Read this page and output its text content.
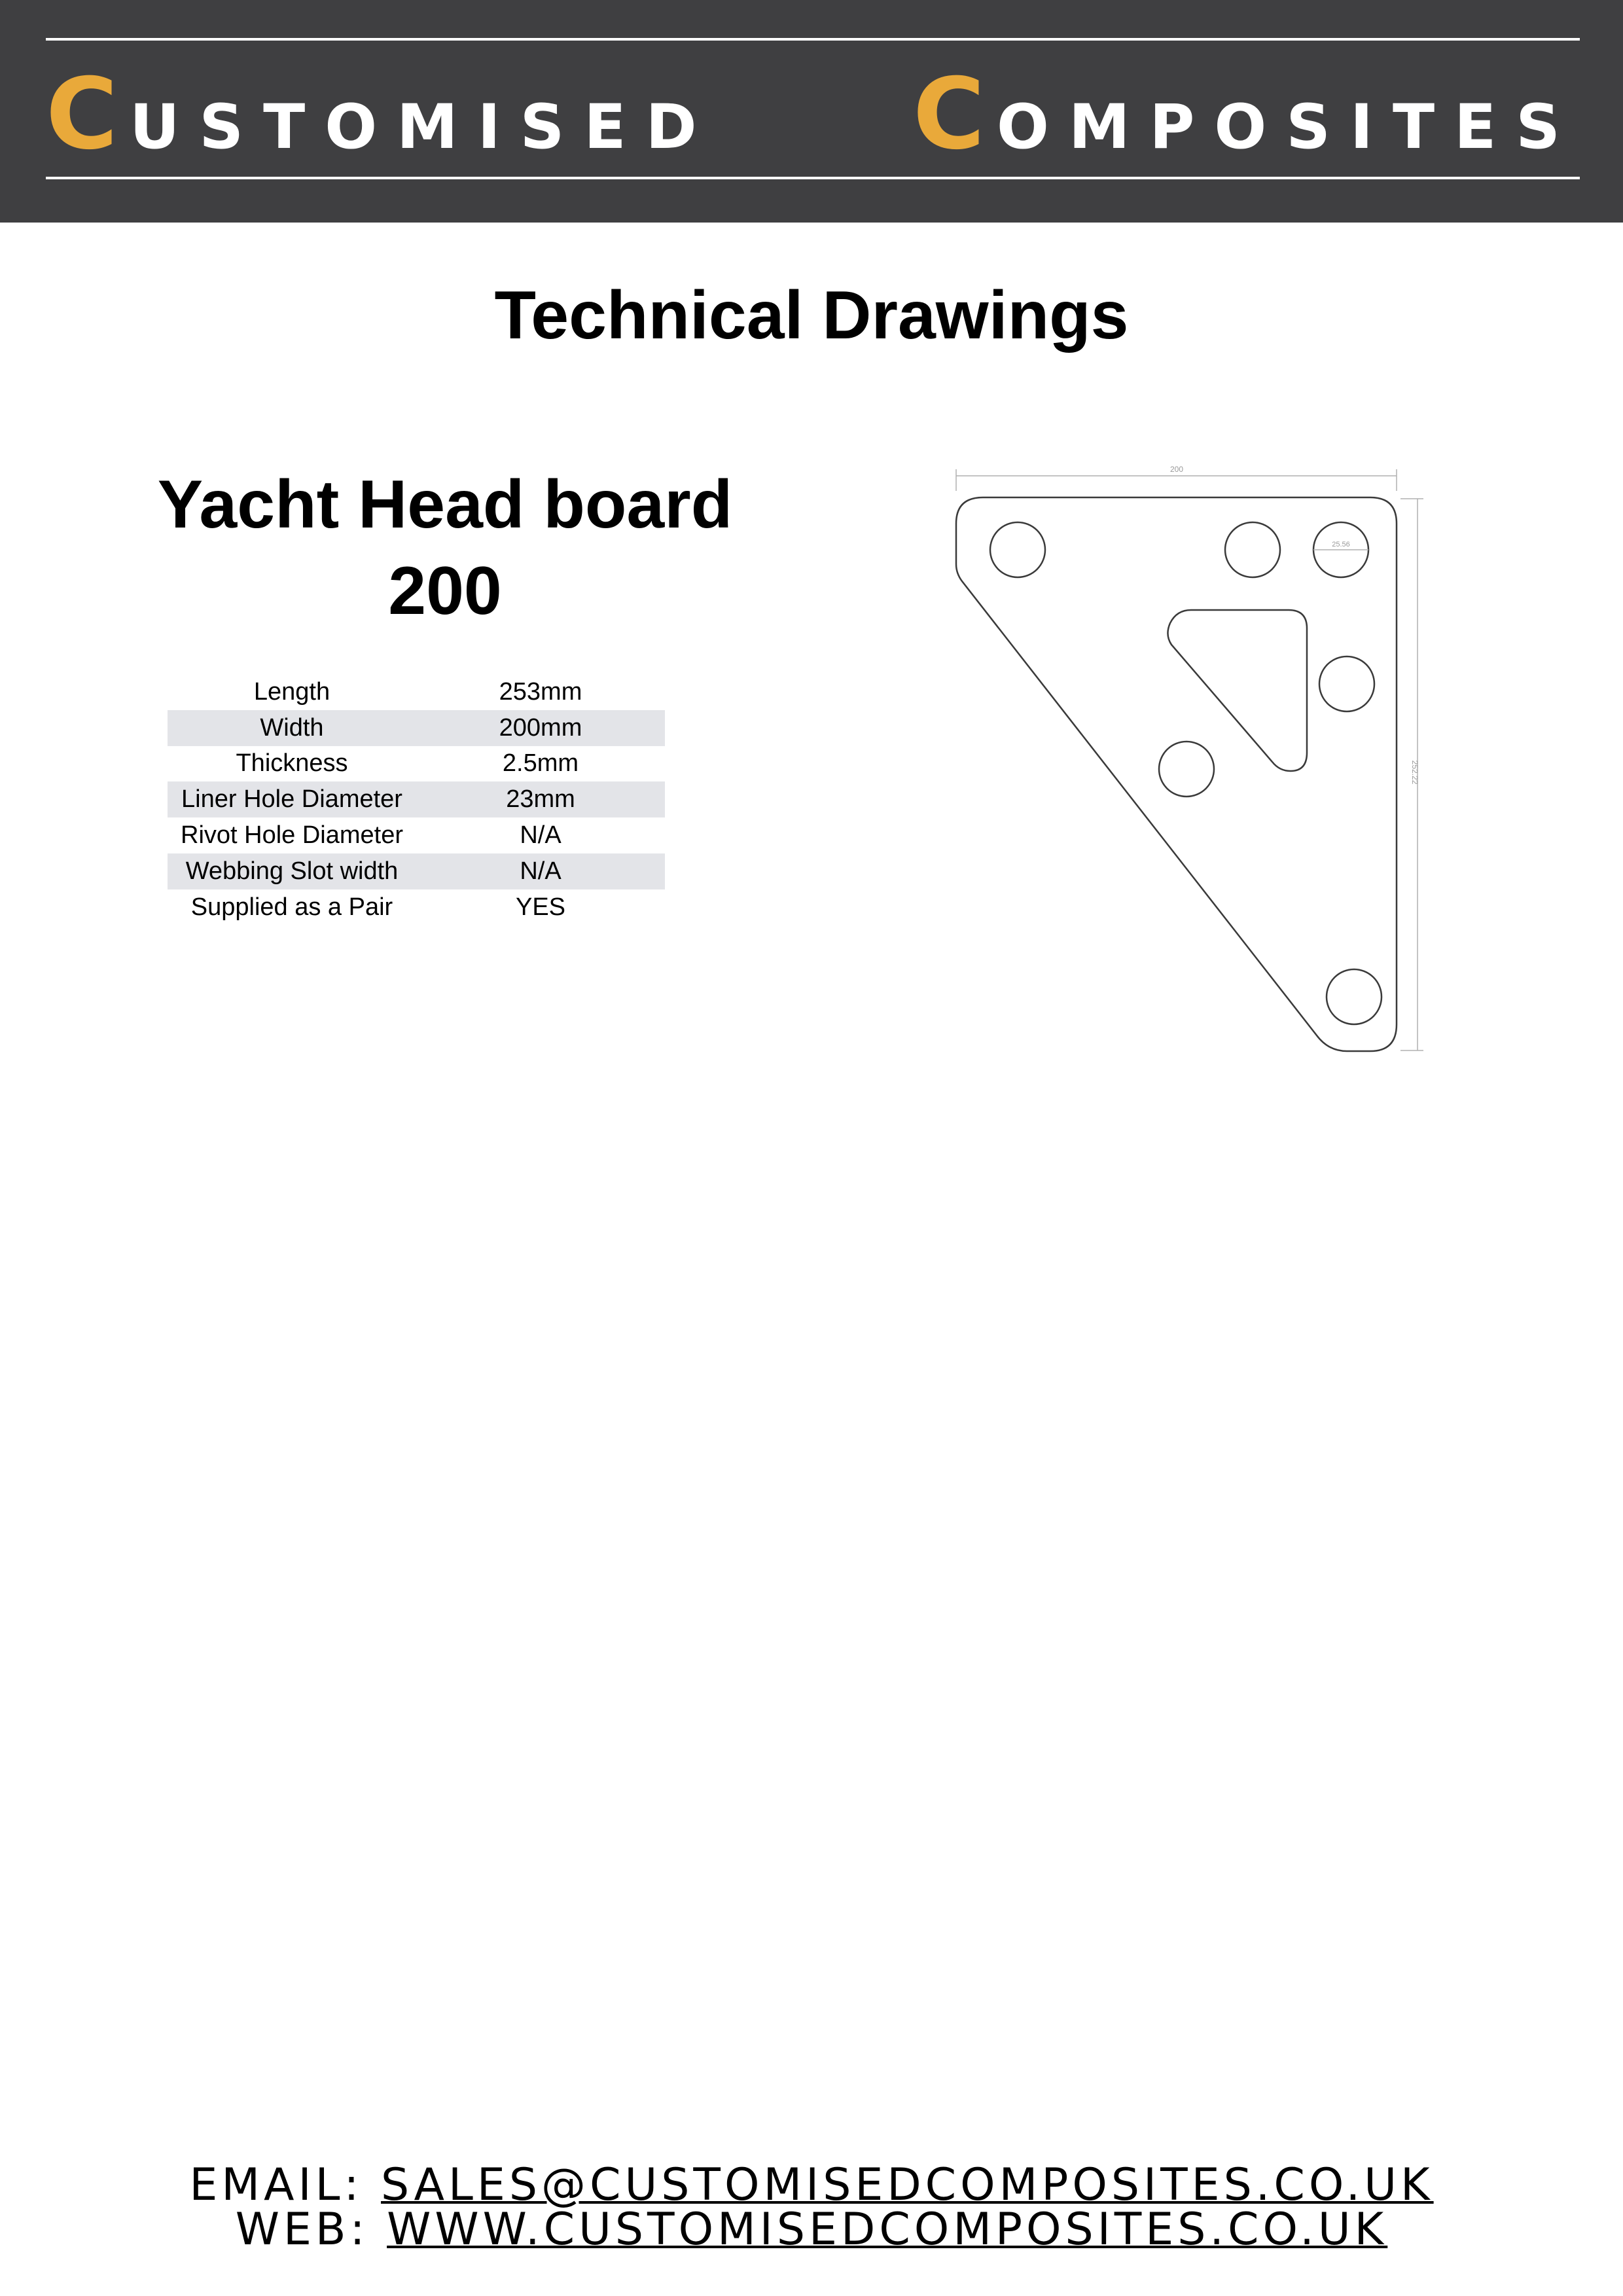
C USTOMISED C OMPOSITES
Technical Drawings
Yacht Head board
200
Length	253mm
Width	200mm
Thickness	2.5mm
Liner Hole Diameter	23mm
Rivot Hole Diameter	N/A
Webbing Slot width	N/A
Supplied as a Pair	YES
200
252.22
25.56
EMAIL: SALES@CUSTOMISEDCOMPOSITES.CO.UK
WEB: WWW.CUSTOMISEDCOMPOSITES.CO.UK
